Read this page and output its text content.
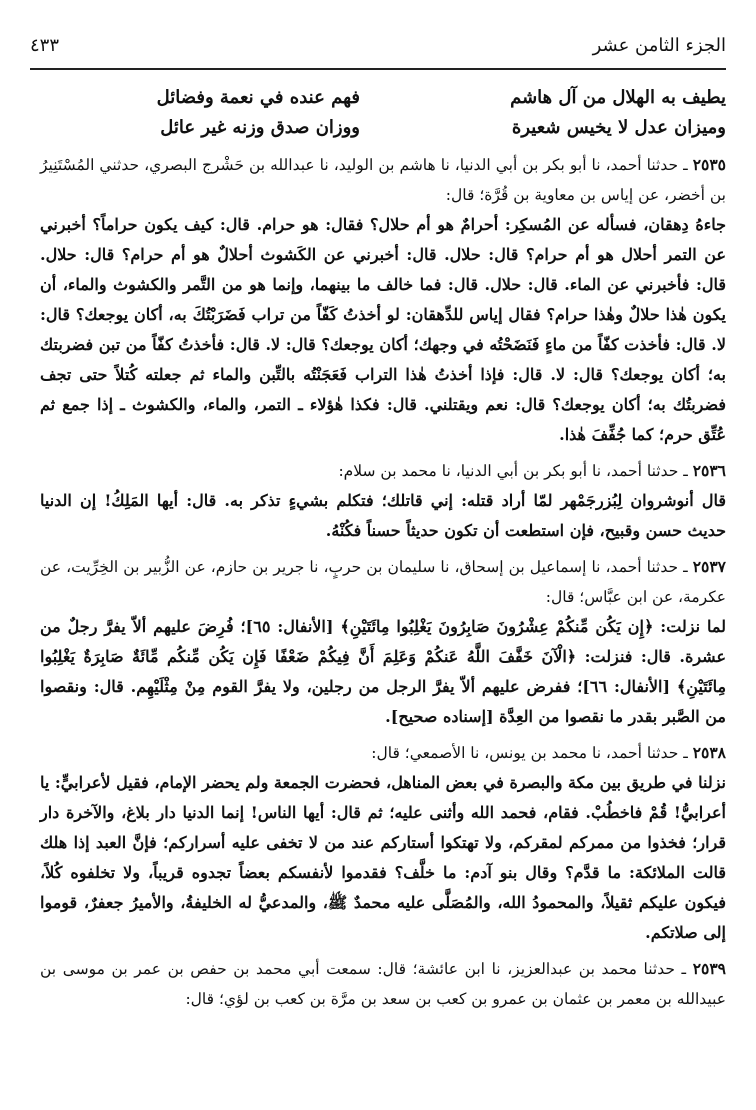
الجزء الثامن عشر
٤٣٣
يطيف به الهلال من آل هاشم
فهم عنده في نعمة وفضائل
وميزان عدل لا يخيس شعيرة
ووزان صدق وزنه غير عائل

٢٥٣٥ ـ حدثنا أحمد، نا أبو بكر بن أبي الدنيا، نا هاشم بن الوليد، نا عبدالله بن حَشْرج البصري، حدثني المُسْتَنِيرُ بن أخضر، عن إياس بن معاوية بن قُرَّة؛ قال:

جاءهُ دِهقان، فسأله عن المُسكِر: أحرامٌ هو أم حلال؟ فقال: هو حرام. قال: كيف يكون حراماً؟ أخبرني عن التمر أحلال هو أم حرام؟ قال: حلال. قال: أخبرني عن الكَشوث أحلالٌ هو أم حرام؟ قال: حلال. قال: فأخبرني عن الماء. قال: حلال. قال: فما خالف ما بينهما، وإنما هو من التَّمر والكشوث والماء، أن يكون هٰذا حلالٌ وهٰذا حرام؟ فقال إياس للدِّهقان: لو أخذتُ كَفّاً من تراب فَضَرَبْتُكَ به، أكان يوجعك؟ قال: لا. قال: فأخذت كفّاً من ماءٍ فَنَضَحْتُه في وجهك؛ أكان يوجعك؟ قال: لا. قال: فأخذتُ كفّاً من تبن فضربتك به؛ أكان يوجعك؟ قال: لا. قال: فإذا أخذتُ هٰذا التراب فَعَجَنْتُه بالتِّبن والماء ثم جعلته كُتلاً حتى تجف فضربتُك به؛ أكان يوجعك؟ قال: نعم ويقتلني. قال: فكذا هٰؤلاء ـ التمر، والماء، والكشوث ـ إذا جمع ثم عُتِّق حرم؛ كما جُفِّفَ هٰذا.

٢٥٣٦ ـ حدثنا أحمد، نا أبو بكر بن أبي الدنيا، نا محمد بن سلام:

قال أنوشروان لِبُزرجَمْهر لمّا أراد قتله: إني قاتلك؛ فتكلم بشيءٍ تذكر به. قال: أيها المَلِكُ! إن الدنيا حديث حسن وقبيح، فإن استطعت أن تكون حديثاً حسناً فكُنْهُ.

٢٥٣٧ ـ حدثنا أحمد، نا إسماعيل بن إسحاق، نا سليمان بن حربٍ، نا جرير بن حازم، عن الزُّبير بن الخِرِّيت، عن عكرمة، عن ابن عبَّاس؛ قال:

لما نزلت: ﴿إِن يَكُن مِّنكُمْ عِشْرُونَ صَابِرُونَ يَغْلِبُوا مِائَتَيْنِ﴾ [الأنفال: ٦٥]؛ فُرِضَ عليهم ألاّ يفرَّ رجلٌ من عشرة. قال: فنزلت: ﴿الْآنَ خَفَّفَ اللَّهُ عَنكُمْ وَعَلِمَ أَنَّ فِيكُمْ ضَعْفًا فَإِن يَكُن مِّنكُم مِّائَةٌ صَابِرَةٌ يَغْلِبُوا مِائَتَيْنِ﴾ [الأنفال: ٦٦]؛ ففرض عليهم ألاّ يفرَّ الرجل من رجلين، ولا يفرَّ القوم مِنْ مِثْلَيْهِم. قال: ونقصوا من الصَّبر بقدر ما نقصوا من العِدَّة [إسناده صحيح].

٢٥٣٨ ـ حدثنا أحمد، نا محمد بن يونس، نا الأصمعي؛ قال:

نزلنا في طريق بين مكة والبصرة في بعض المناهل، فحضرت الجمعة ولم يحضر الإمام، فقيل لأعرابيٍّ: يا أعرابيُّ! قُمْ فاخطُبْ. فقام، فحمد الله وأثنى عليه؛ ثم قال: أيها الناس! إنما الدنيا دار بلاغ، والآخرة دار قرار؛ فخذوا من ممركم لمقركم، ولا تهتكوا أستاركم عند من لا تخفى عليه أسراركم؛ فإنَّ العبد إذا هلك قالت الملائكة: ما قدَّم؟ وقال بنو آدم: ما خلَّف؟ فقدموا لأنفسكم بعضاً تجدوه قريباً، ولا تخلفوه كُلاً، فيكون عليكم ثقيلاً، والمحمودُ الله، والمُصَلَّى عليه محمدٌ ﷺ، والمدعيُّ له الخليفةُ، والأميرُ جعفرٌ، قوموا إلى صلاتكم.

٢٥٣٩ ـ حدثنا محمد بن عبدالعزيز، نا ابن عائشة؛ قال: سمعت أبي محمد بن حفص بن عمر بن موسى بن عبيدالله بن معمر بن عثمان بن عمرو بن كعب بن سعد بن مرَّة بن كعب بن لؤي؛ قال:
